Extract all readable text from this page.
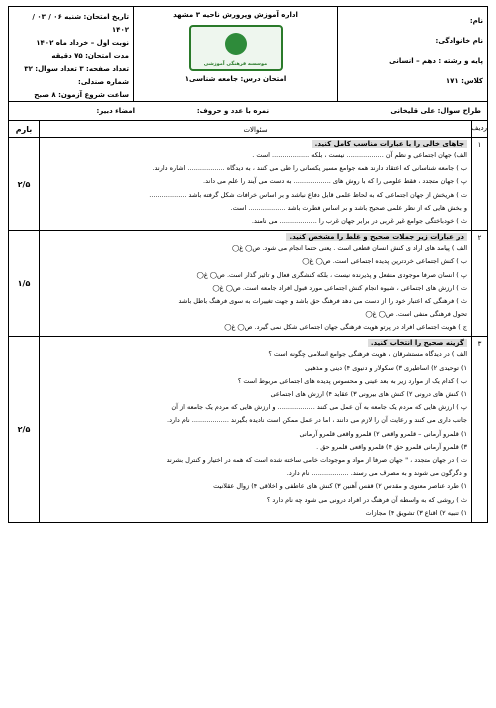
نام:
نام خانوادگی:
پایه و رشته : دهم – انسانی
کلاس: ۱۷۱
اداره آموزش وپرورش ناحیه ۳ مشهد
موسسه فرهنگی آموزشی
امتحان درس: جامعه شناسی۱
تاریخ امتحان: شنبه ۰۶ / ۰۳ / ۱۴۰۲
نوبت اول – خرداد ماه ۱۴۰۲
مدت امتحان: ۷۵ دقیقه
تعداد صفحه: ۳ تعداد سوال: ۳۲
شماره صندلی:
ساعت شروع آزمون: ۸ صبح
طراح سوال: علی قلیخانی
نمره با عدد و حروف:
امضاء دبیر:
ردیف
سئوالات
بارم
۱
جاهای خالی را با عبارات مناسب کامل کنید.
الف) جهان اجتماعی و نظم آن .................. نیست ، بلکه .................. است .
ب ) جامعه شناسانی که اعتقاد دارند همه جوامع مسیر یکسانی را طی می کنند ، به دیدگاه .................. اشاره دارند.
پ ) جهان متجدد ، فقط علومی را که با روش های .................. به دست می آیند را علم می داند.
ت ) هریخش از جهان اجتماعی که به لحاظ علمی قابل دفاع نباشد و بر اساس خرافات شکل گرفته باشد ..................
و بخش هایی که از نظر علمی صحیح باشد و بر اساس فطرت باشد .................. است.
ث ) خودباختگی جوامع غیر غربی در برابر جهان غرب را .................. می نامند.
۲/۵
۲
در عبارات زیر جملات صحیح و غلط را مشخص کنید.
الف ) پیامد های اراد ی کنش انسان قطعی است . یعنی حتما انجام می شود. ص◯ غ◯
ب ) کنش اجتماعی خردترین پدیده اجتماعی است. ص◯ غ◯
پ ) انسان صرفا موجودی منفعل و پذیرنده نیست ، بلکه کنشگری فعال و تاثیر گذار است. ص◯ غ◯
ت ) ارزش های اجتماعی ، شیوه انجام کنش اجتماعی مورد قبول افراد جامعه است. ص◯ غ◯
ث ) فرهنگی که اعتبار خود را از دست می دهد فرهنگ حق باشد و جهت تغییرات به سوی فرهنگ باطل باشد
تحول فرهنگی منفی است. ص◯ غ◯
ج ) هویت اجتماعی افراد در پرتو هویت فرهنگی جهان اجتماعی شکل نمی گیرد. ص◯ غ◯
۱/۵
۳
گزینه صحیح را انتخاب کنید.
الف ) در دیدگاه مستشرقان ، هویت فرهنگی جوامع اسلامی چگونه است ؟
۱) توحیدی ۲) اساطیری ۳) سکولار و دنیوی ۴) دینی و مذهبی
ب ) کدام یک از موارد زیر به بعد عینی و محسوس پدیده های اجتماعی مربوط است ؟
۱) کنش های درونی ۲) کنش های بیرونی ۳) عقاید ۴) ارزش های اجتماعی
پ ) ارزش هایی که مردم یک جامعه به آن عمل می کنند .................. و ارزش هایی که مردم یک جامعه از آن
جانب داری می کنند و رعایت آن را لازم می دانند ، اما در عمل ممکن است نادیده بگیرند .................. نام دارد.
۱) قلمرو آرمانی – قلمرو واقعی ۲) قلمرو واقعی قلمرو آرمانی
۳) قلمرو آرمانی قلمرو حق ۴) قلمرو واقعی قلمرو حق .
ت ) در جهان متجدد ، " جهان صرفا از مواد و موجودات خامی ساخته شده است که همه در اختیار و کنترل بشرند
و دگرگون می شوند و به مصرف می رسند. .................. نام دارد.
۱) طرد عناصر معنوی و مقدس ۲) قفس آهنین ۳) کنش های عاطفی و اخلاقی ۴) زوال عقلانیت
ث ) روشی که به واسطه آن فرهنگ در افراد درونی می شود چه نام دارد ؟
۱) تنبیه ۲) اقناع ۳) تشویق ۴) مجازات
۲/۵
